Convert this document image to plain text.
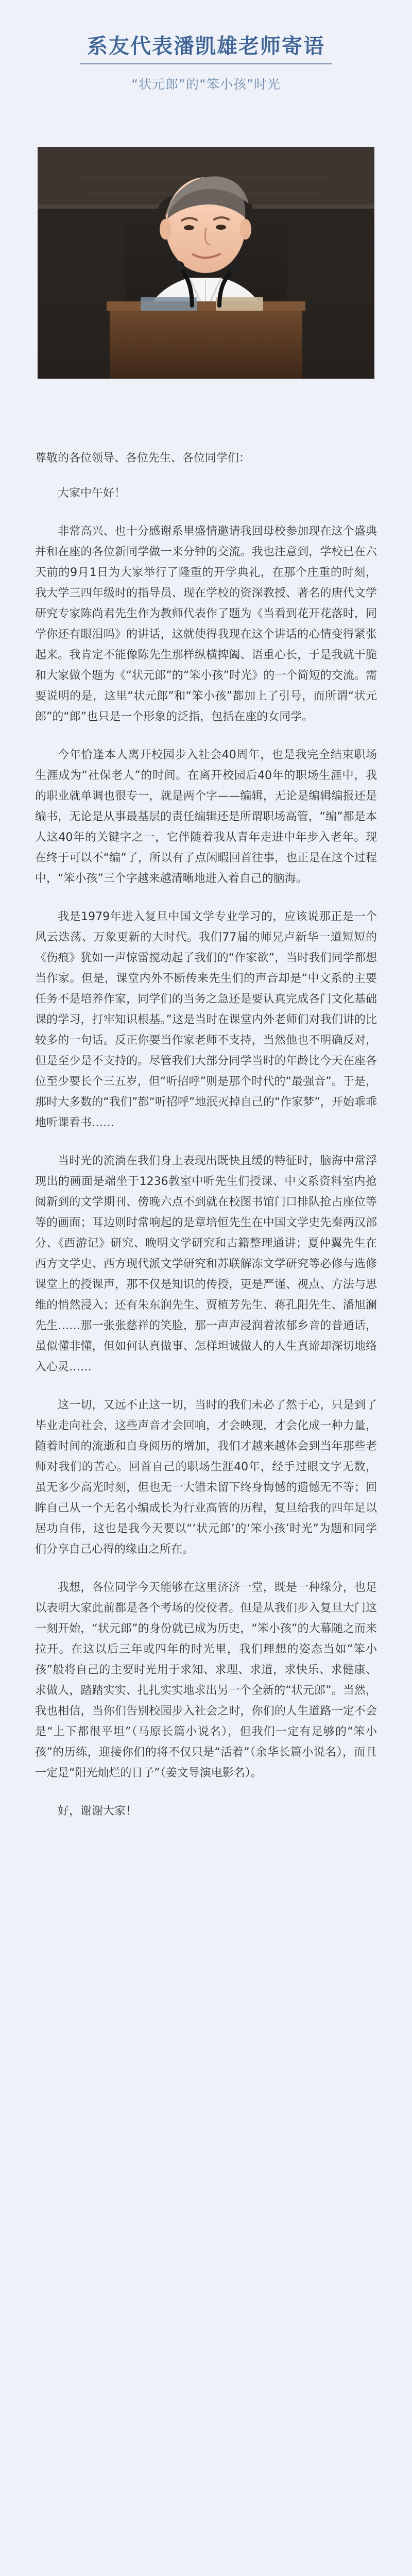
系友代表潘凯雄老师寄语
“状元郎”的“笨小孩”时光

尊敬的各位领导、各位先生、各位同学们：

大家中午好！

非常高兴、也十分感谢系里盛情邀请我回母校参加现在这个盛典并和在座的各位新同学做一来分钟的交流。我也注意到，学校已在六天前的9月1日为大家举行了隆重的开学典礼，在那个庄重的时刻，我大学三四年级时的指导员、现在学校的资深教授、著名的唐代文学研究专家陈尚君先生作为教师代表作了题为《当看到花开花落时，同学你还有眼泪吗》的讲话，这就使得我现在这个讲话的心情变得紧张起来。我肯定不能像陈先生那样纵横捭阖、语重心长，于是我就干脆和大家做个题为《“状元郎”的“笨小孩”时光》的一个简短的交流。需要说明的是，这里“状元郎”和“笨小孩”都加上了引号，而所谓“状元郎”的“郎”也只是一个形象的泛指，包括在座的女同学。

今年恰逢本人离开校园步入社会40周年，也是我完全结束职场生涯成为“社保老人”的时间。在离开校园后40年的职场生涯中，我的职业就单调也很专一，就是两个字——编辑，无论是编辑编报还是编书，无论是从事最基层的责任编辑还是所谓职场高管，“编”都是本人这40年的关键字之一，它伴随着我从青年走进中年步入老年。现在终于可以不“编”了，所以有了点闲暇回首往事，也正是在这个过程中，“笨小孩”三个字越来越清晰地进入着自己的脑海。

我是1979年进入复旦中国文学专业学习的，应该说那正是一个风云迭荡、万象更新的大时代。我们77届的师兄卢新华一道短短的《伤痕》犹如一声惊雷搅动起了我们的“作家欲”，当时我们同学都想当作家。但是，课堂内外不断传来先生们的声音却是“中文系的主要任务不是培养作家，同学们的当务之急还是要认真完成各门文化基础课的学习，打牢知识根基。”这是当时在课堂内外老师们对我们讲的比较多的一句话。反正你要当作家老师不支持，当然他也不明确反对，但是至少是不支持的。尽管我们大部分同学当时的年龄比今天在座各位至少要长个三五岁，但“听招呼”则是那个时代的“最强音”。于是，那时大多数的“我们”都“听招呼”地泯灭掉自己的“作家梦”，开始乖乖地听课看书……

当时光的流淌在我们身上表现出既快且缓的特征时，脑海中常浮现出的画面是端坐于1236教室中听先生们授课、中文系资料室内抢阅新到的文学期刊、傍晚六点不到就在校图书馆门口排队抢占座位等等的画面；耳边则时常响起的是章培恒先生在中国文学史先秦两汉部分、《西游记》研究、晚明文学研究和古籍整理通讲；夏仲翼先生在西方文学史、西方现代派文学研究和苏联解冻文学研究等必修与选修课堂上的授课声，那不仅是知识的传授，更是严谨、视点、方法与思维的悄然浸入；还有朱东润先生、贾植芳先生、蒋孔阳先生、潘旭澜先生……那一张张慈祥的笑脸，那一声声浸润着浓郁乡音的普通话，虽似懂非懂，但如何认真做事、怎样坦诚做人的人生真谛却深切地络入心灵……

这一切，又远不止这一切，当时的我们未必了然于心，只是到了毕业走向社会，这些声音才会回响，才会映现，才会化成一种力量，随着时间的流逝和自身阅历的增加，我们才越来越体会到当年那些老师对我们的苦心。回首自己的职场生涯40年，经手过眼文字无数，虽无多少高光时刻，但也无一大错未留下终身悔憾的遗憾无不等；回眸自己从一个无名小编成长为行业高管的历程，复旦给我的四年足以居功自伟，这也是我今天要以“‘状元郎’的‘笨小孩’时光”为题和同学们分享自己心得的缘由之所在。

我想，各位同学今天能够在这里济济一堂，既是一种缘分，也足以表明大家此前都是各个考场的佼佼者。但是从我们步入复旦大门这一刻开始，“状元郎”的身份就已成为历史，“笨小孩”的大幕随之而来拉开。在这以后三年或四年的时光里，我们理想的姿态当如“笨小孩”般将自己的主要时光用于求知、求理、求道，求快乐、求健康、求做人，踏踏实实、扎扎实实地求出另一个全新的“状元郎”。当然，我也相信，当你们告别校园步入社会之时，你们的人生道路一定不会是“上下都很平坦”（马原长篇小说名），但我们一定有足够的“笨小孩”的历练，迎接你们的将不仅只是“活着”（余华长篇小说名），而且一定是“阳光灿烂的日子”（姜文导演电影名）。

好，谢谢大家！
